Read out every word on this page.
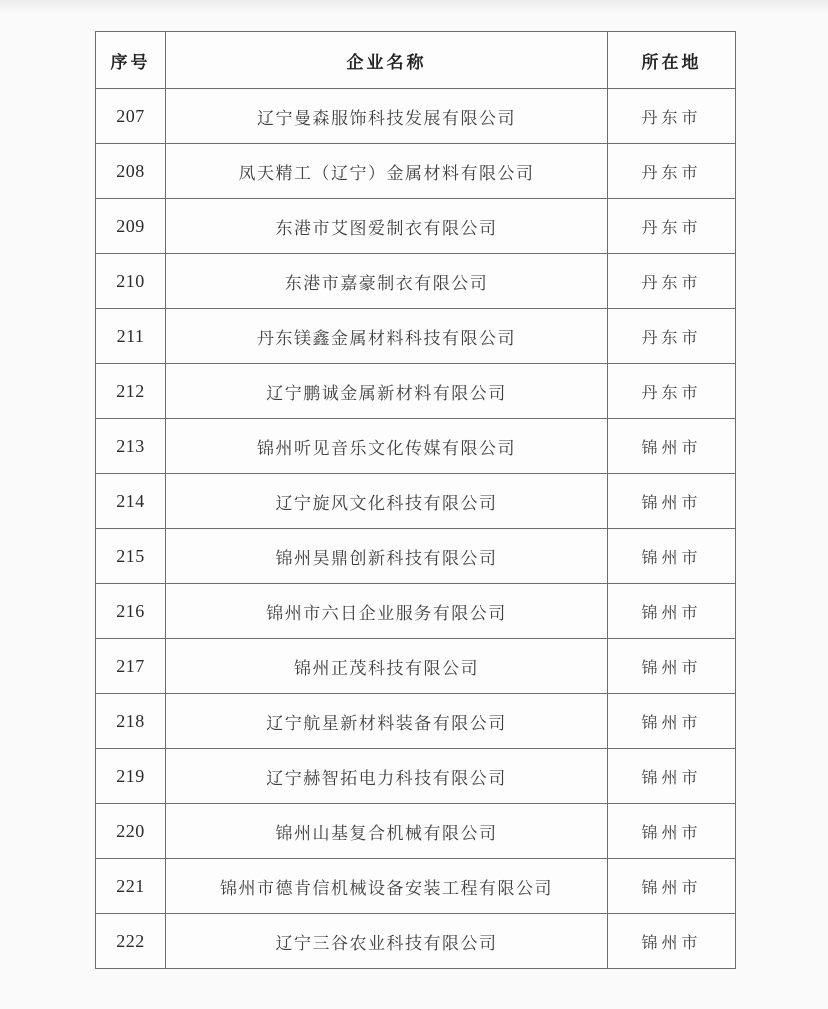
序号	企业名称	所在地
207	辽宁曼森服饰科技发展有限公司	丹东市
208	凤天精工（辽宁）金属材料有限公司	丹东市
209	东港市艾图爱制衣有限公司	丹东市
210	东港市嘉豪制衣有限公司	丹东市
211	丹东镁鑫金属材料科技有限公司	丹东市
212	辽宁鹏诚金属新材料有限公司	丹东市
213	锦州听见音乐文化传媒有限公司	锦州市
214	辽宁旋风文化科技有限公司	锦州市
215	锦州昊鼎创新科技有限公司	锦州市
216	锦州市六日企业服务有限公司	锦州市
217	锦州正茂科技有限公司	锦州市
218	辽宁航星新材料装备有限公司	锦州市
219	辽宁赫智拓电力科技有限公司	锦州市
220	锦州山基复合机械有限公司	锦州市
221	锦州市德肯信机械设备安装工程有限公司	锦州市
222	辽宁三谷农业科技有限公司	锦州市
